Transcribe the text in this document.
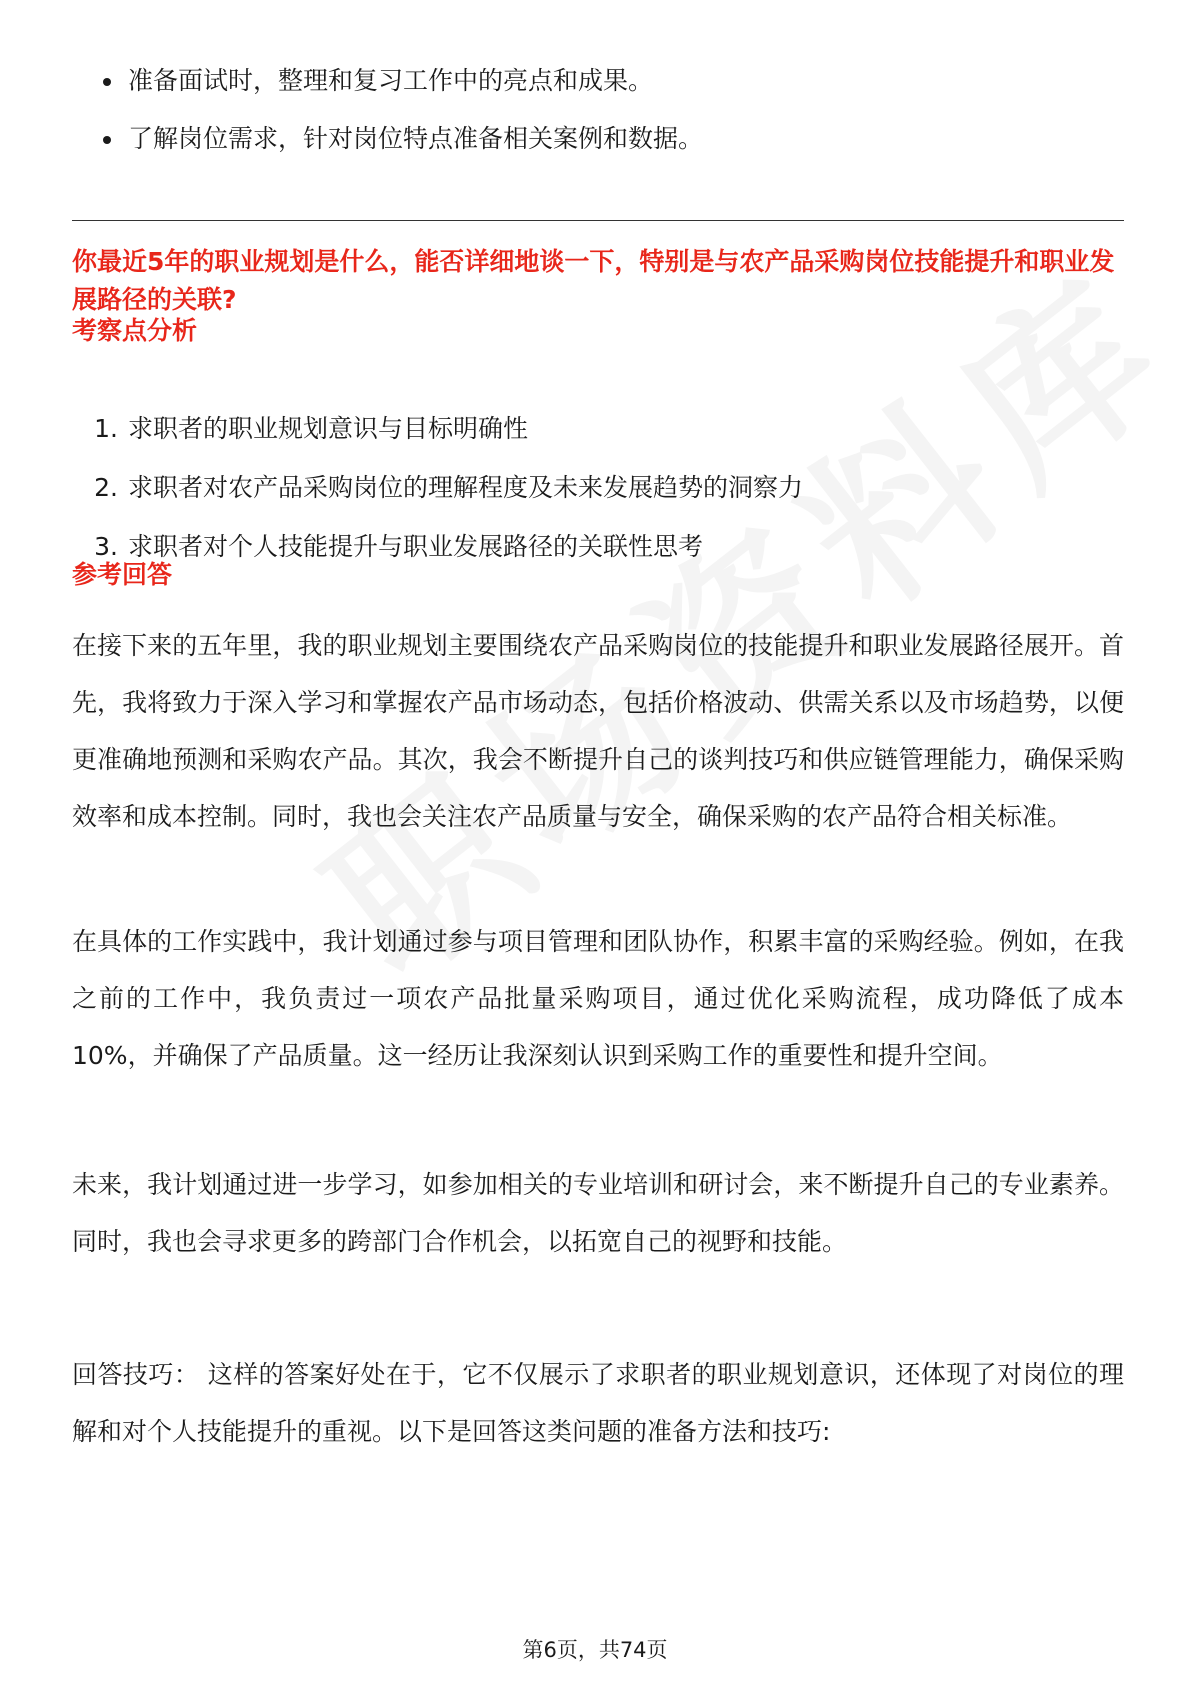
准备面试时，整理和复习工作中的亮点和成果。
了解岗位需求，针对岗位特点准备相关案例和数据。

你最近5年的职业规划是什么，能否详细地谈一下，特别是与农产品采购岗位技能提升和职业发展路径的关联?

考察点分析
1. 求职者的职业规划意识与目标明确性
2. 求职者对农产品采购岗位的理解程度及未来发展趋势的洞察力
3. 求职者对个人技能提升与职业发展路径的关联性思考
参考回答

在接下来的五年里，我的职业规划主要围绕农产品采购岗位的技能提升和职业发展路径展开。首先，我将致力于深入学习和掌握农产品市场动态，包括价格波动、供需关系以及市场趋势，以便更准确地预测和采购农产品。其次，我会不断提升自己的谈判技巧和供应链管理能力，确保采购效率和成本控制。同时，我也会关注农产品质量与安全，确保采购的农产品符合相关标准。

在具体的工作实践中，我计划通过参与项目管理和团队协作，积累丰富的采购经验。例如，在我之前的工作中，我负责过一项农产品批量采购项目，通过优化采购流程，成功降低了成本10%，并确保了产品质量。这一经历让我深刻认识到采购工作的重要性和提升空间。

未来，我计划通过进一步学习，如参加相关的专业培训和研讨会，来不断提升自己的专业素养。同时，我也会寻求更多的跨部门合作机会，以拓宽自己的视野和技能。

回答技巧： 这样的答案好处在于，它不仅展示了求职者的职业规划意识，还体现了对岗位的理解和对个人技能提升的重视。以下是回答这类问题的准备方法和技巧:

第6页，共74页
